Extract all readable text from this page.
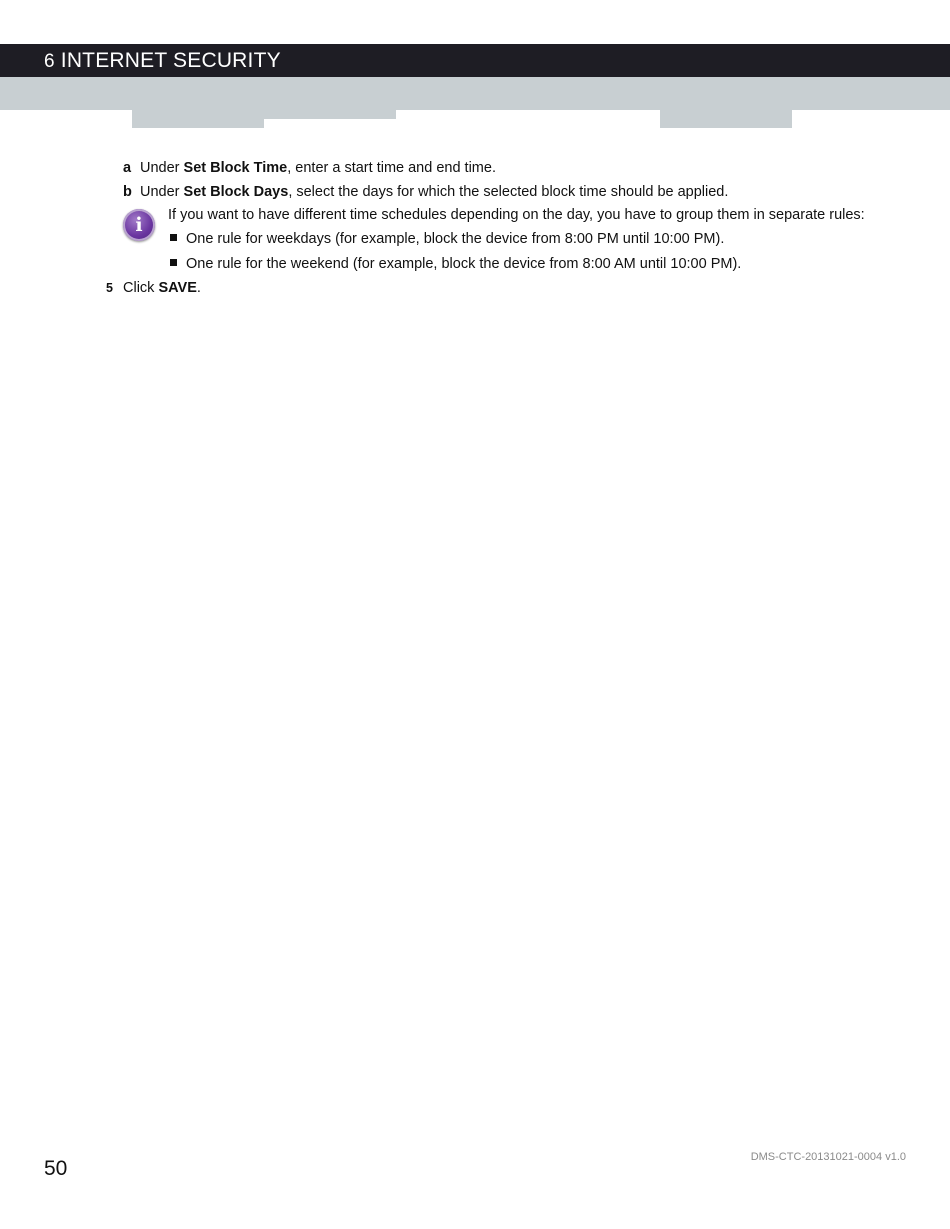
6 INTERNET SECURITY
a Under Set Block Time, enter a start time and end time.
b Under Set Block Days, select the days for which the selected block time should be applied.
i	If you want to have different time schedules depending on the day, you have to group them in separate rules:
One rule for weekdays (for example, block the device from 8:00 PM until 10:00 PM).
One rule for the weekend (for example, block the device from 8:00 AM until 10:00 PM).
5 Click SAVE.
50	DMS-CTC-20131021-0004 v1.0
